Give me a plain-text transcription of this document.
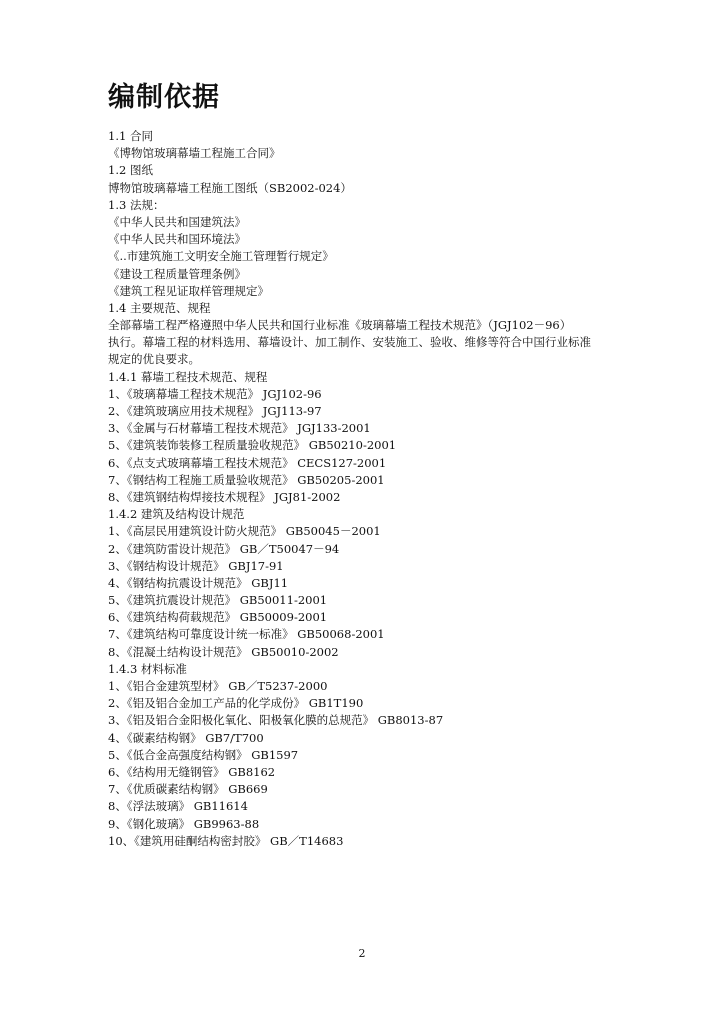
编制依据
1.1 合同
《博物馆玻璃幕墙工程施工合同》
1.2 图纸
博物馆玻璃幕墙工程施工图纸（SB2002-024）
1.3 法规：
《中华人民共和国建筑法》
《中华人民共和国环境法》
《..市建筑施工文明安全施工管理暂行规定》
《建设工程质量管理条例》
《建筑工程见证取样管理规定》
1.4 主要规范、规程
全部幕墙工程严格遵照中华人民共和国行业标准《玻璃幕墙工程技术规范》（JGJ102－96）
执行。幕墙工程的材料选用、幕墙设计、加工制作、安装施工、验收、维修等符合中国行业标准
规定的优良要求。
1.4.1 幕墙工程技术规范、规程
1、《玻璃幕墙工程技术规范》 JGJ102-96
2、《建筑玻璃应用技术规程》 JGJ113-97
3、《金属与石材幕墙工程技术规范》 JGJ133-2001
5、《建筑装饰装修工程质量验收规范》 GB50210-2001
6、《点支式玻璃幕墙工程技术规范》 CECS127-2001
7、《钢结构工程施工质量验收规范》 GB50205-2001
8、《建筑钢结构焊接技术规程》 JGJ81-2002
1.4.2 建筑及结构设计规范
1、《高层民用建筑设计防火规范》 GB50045－2001
2、《建筑防雷设计规范》 GB／T50047－94
3、《钢结构设计规范》 GBJ17-91
4、《钢结构抗震设计规范》 GBJ11
5、《建筑抗震设计规范》 GB50011-2001
6、《建筑结构荷载规范》 GB50009-2001
7、《建筑结构可靠度设计统一标准》 GB50068-2001
8、《混凝土结构设计规范》 GB50010-2002
1.4.3 材料标准
1、《铝合金建筑型材》 GB／T5237-2000
2、《铝及铝合金加工产品的化学成份》 GB1T190
3、《铝及铝合金阳极化氧化、阳极氧化膜的总规范》 GB8013-87
4、《碳素结构钢》 GB7/T700
5、《低合金高强度结构钢》 GB1597
6、《结构用无缝钢管》 GB8162
7、《优质碳素结构钢》 GB669
8、《浮法玻璃》 GB11614
9、《钢化玻璃》 GB9963-88
10、《建筑用硅酮结构密封胶》 GB／T14683
2
